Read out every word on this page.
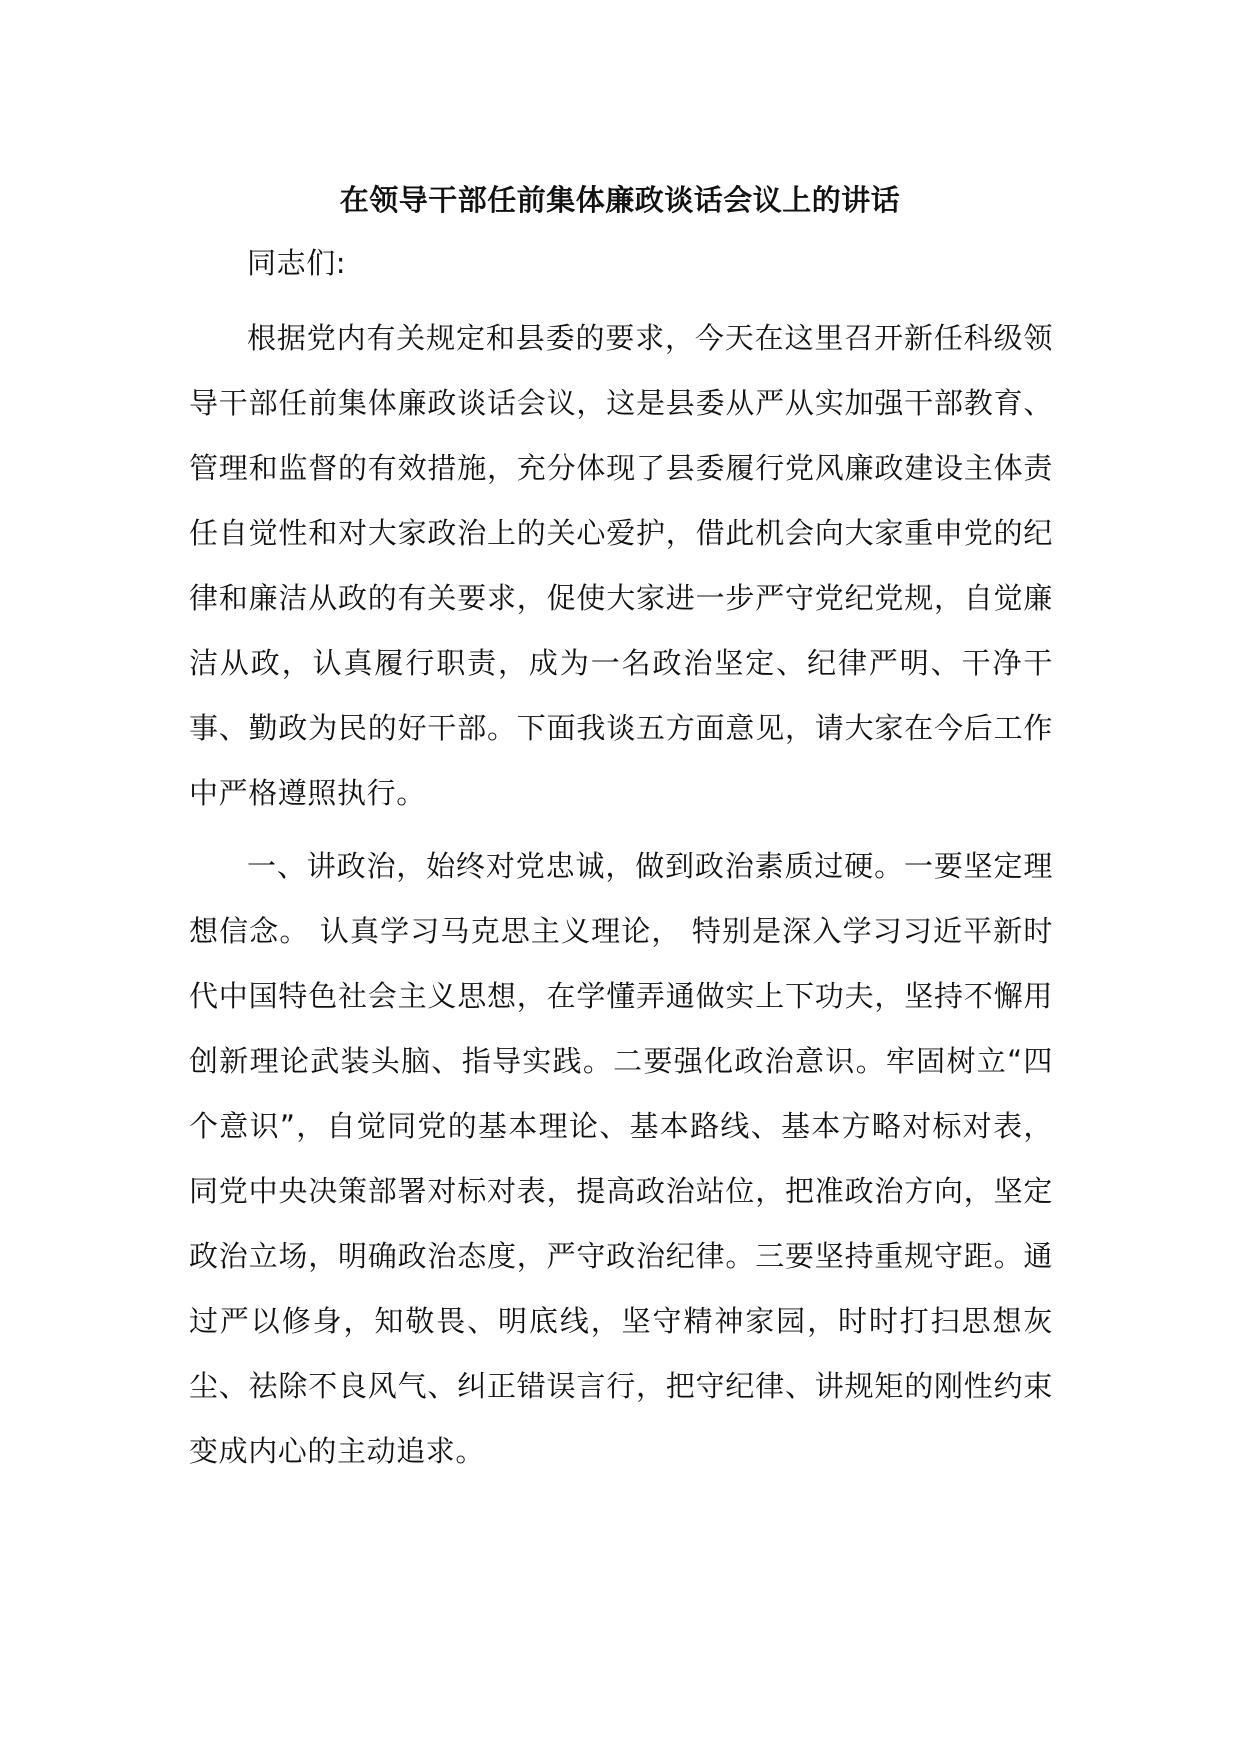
在领导干部任前集体廉政谈话会议上的讲话
同志们:
根据党内有关规定和县委的要求，今天在这里召开新任科级领导干部任前集体廉政谈话会议，这是县委从严从实加强干部教育、管理和监督的有效措施，充分体现了县委履行党风廉政建设主体责任自觉性和对大家政治上的关心爱护，借此机会向大家重申党的纪律和廉洁从政的有关要求，促使大家进一步严守党纪党规，自觉廉洁从政，认真履行职责，成为一名政治坚定、纪律严明、干净干事、勤政为民的好干部。下面我谈五方面意见，请大家在今后工作中严格遵照执行。
一、讲政治，始终对党忠诚，做到政治素质过硬。一要坚定理想信念。 认真学习马克思主义理论， 特别是深入学习习近平新时代中国特色社会主义思想，在学懂弄通做实上下功夫，坚持不懈用创新理论武装头脑、指导实践。二要强化政治意识。牢固树立“四个意识”，自觉同党的基本理论、基本路线、基本方略对标对表，同党中央决策部署对标对表，提高政治站位，把准政治方向，坚定政治立场，明确政治态度，严守政治纪律。三要坚持重规守距。通过严以修身，知敬畏、明底线，坚守精神家园，时时打扫思想灰尘、祛除不良风气、纠正错误言行，把守纪律、讲规矩的刚性约束变成内心的主动追求。
